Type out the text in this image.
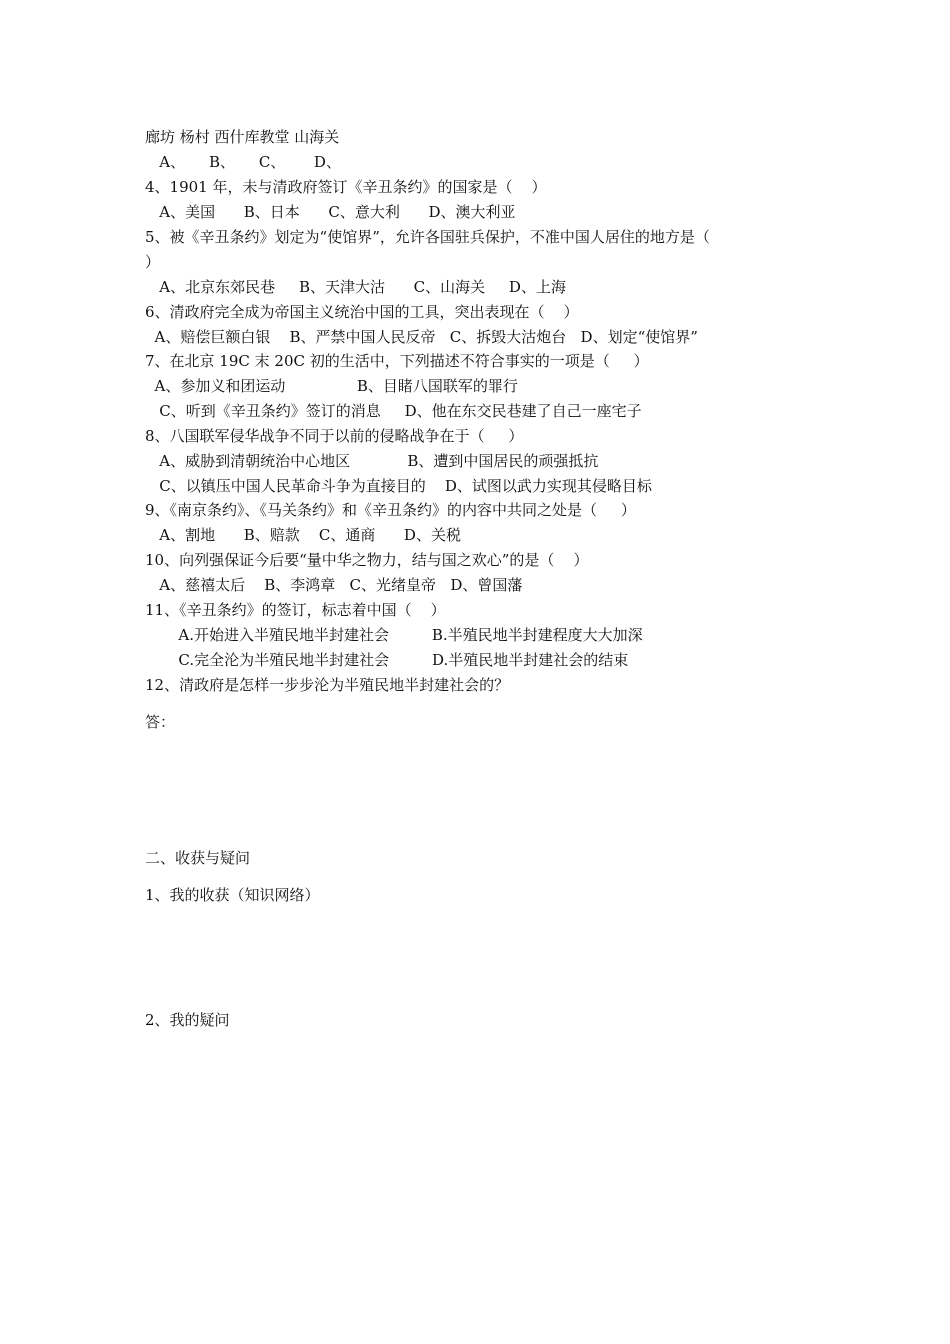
廊坊 杨村 西什库教堂 山海关
A、     B、     C、      D、
4、1901 年，未与清政府签订《辛丑条约》的国家是（    ）
A、美国      B、日本      C、意大利      D、澳大利亚
5、被《辛丑条约》划定为“使馆界”，允许各国驻兵保护，不准中国人居住的地方是（
）
A、北京东郊民巷     B、天津大沽      C、山海关     D、上海
6、清政府完全成为帝国主义统治中国的工具，突出表现在（    ）
A、赔偿巨额白银    B、严禁中国人民反帝   C、拆毁大沽炮台   D、划定“使馆界”
7、在北京 19C 末 20C 初的生活中，下列描述不符合事实的一项是（     ）
A、参加义和团运动               B、目睹八国联军的罪行
C、听到《辛丑条约》签订的消息     D、他在东交民巷建了自己一座宅子
8、八国联军侵华战争不同于以前的侵略战争在于（     ）
A、威胁到清朝统治中心地区            B、遭到中国居民的顽强抵抗
C、以镇压中国人民革命斗争为直接目的    D、试图以武力实现其侵略目标
9、《南京条约》、《马关条约》和《辛丑条约》的内容中共同之处是（     ）
A、割地      B、赔款    C、通商      D、关税
10、向列强保证今后要“量中华之物力，结与国之欢心”的是（    ）
A、慈禧太后    B、李鸿章   C、光绪皇帝   D、曾国藩
11、《辛丑条约》的签订，标志着中国（    ）
A.开始进入半殖民地半封建社会         B.半殖民地半封建程度大大加深
C.完全沦为半殖民地半封建社会         D.半殖民地半封建社会的结束
12、清政府是怎样一步步沦为半殖民地半封建社会的？
答：
二、收获与疑问
1、我的收获（知识网络）
2、我的疑问
